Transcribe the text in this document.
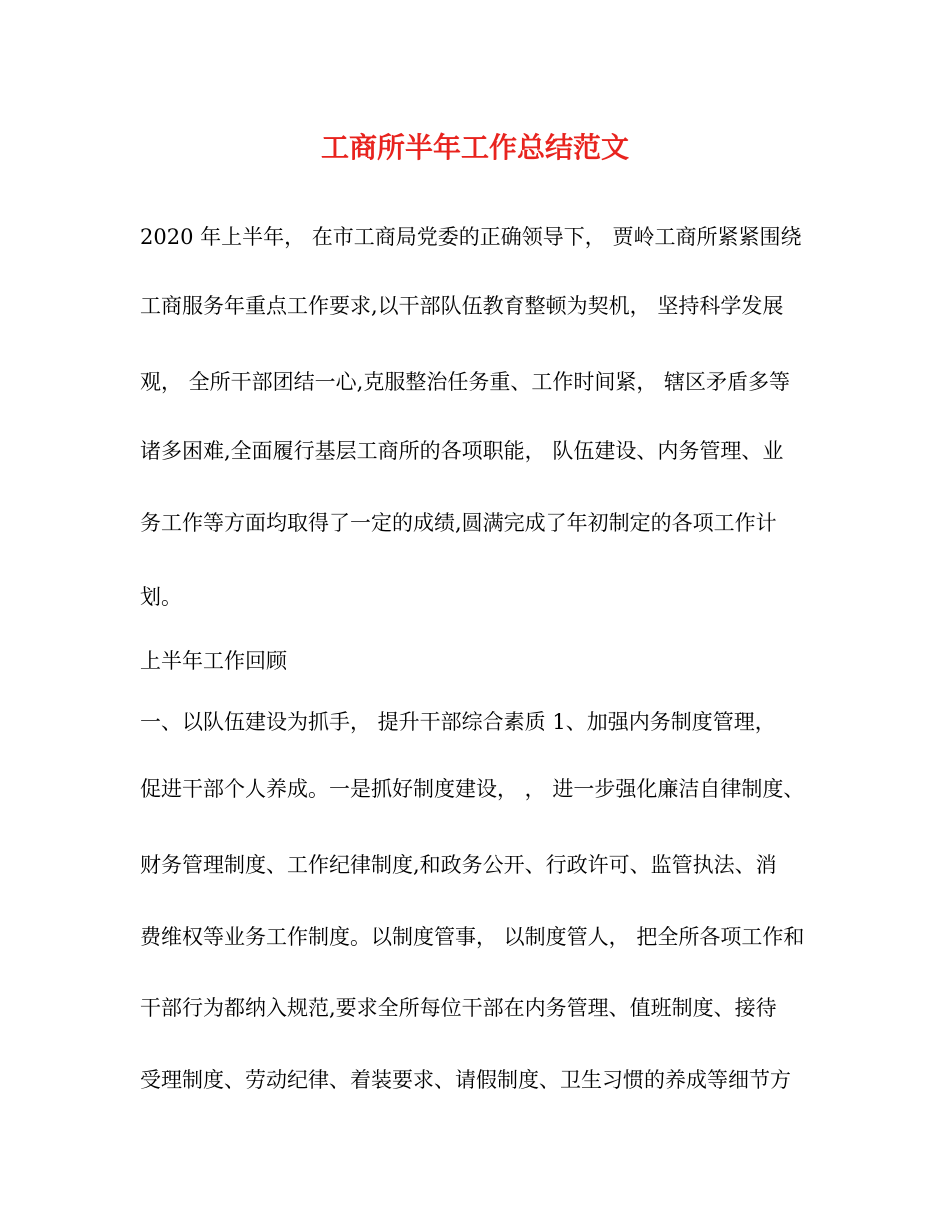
工商所半年工作总结范文
2020 年上半年， 在市工商局党委的正确领导下， 贾岭工商所紧紧围绕
工商服务年重点工作要求,以干部队伍教育整顿为契机， 坚持科学发展
观， 全所干部团结一心,克服整治任务重、工作时间紧， 辖区矛盾多等
诸多困难,全面履行基层工商所的各项职能， 队伍建设、内务管理、业
务工作等方面均取得了一定的成绩,圆满完成了年初制定的各项工作计
划。
上半年工作回顾
一、以队伍建设为抓手， 提升干部综合素质 1、加强内务制度管理，
促进干部个人养成。一是抓好制度建设， ， 进一步强化廉洁自律制度、
财务管理制度、工作纪律制度,和政务公开、行政许可、监管执法、消
费维权等业务工作制度。以制度管事， 以制度管人， 把全所各项工作和
干部行为都纳入规范,要求全所每位干部在内务管理、值班制度、接待
受理制度、劳动纪律、着装要求、请假制度、卫生习惯的养成等细节方
